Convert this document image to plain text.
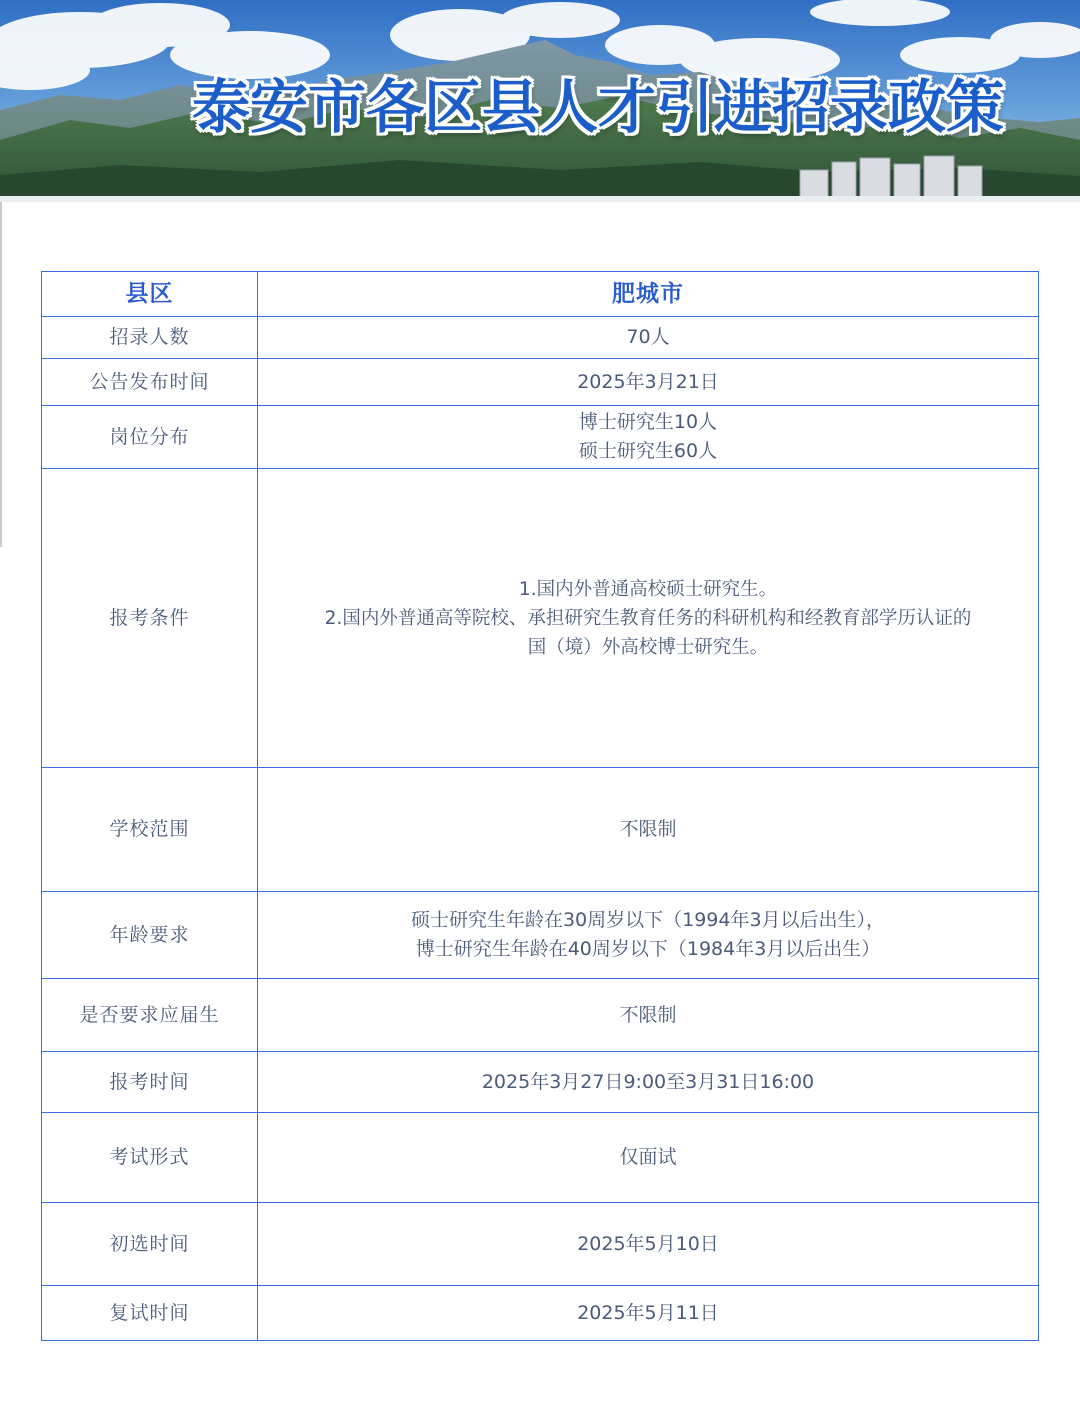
泰安市各区县人才引进招录政策
县区	肥城市
招录人数	70人

公告发布时间	2025年3月21日

岗位分布	博士研究生10人
硕士研究生60人

报考条件	1.国内外普通高校硕士研究生。
2.国内外普通高等院校、承担研究生教育任务的科研机构和经教育部学历认证的
国（境）外高校博士研究生。

学校范围	不限制

年龄要求	硕士研究生年龄在30周岁以下（1994年3月以后出生），
博士研究生年龄在40周岁以下（1984年3月以后出生）

是否要求应届生	不限制

报考时间	2025年3月27日9:00至3月31日16:00

考试形式	仅面试

初选时间	2025年5月10日

复试时间	2025年5月11日
